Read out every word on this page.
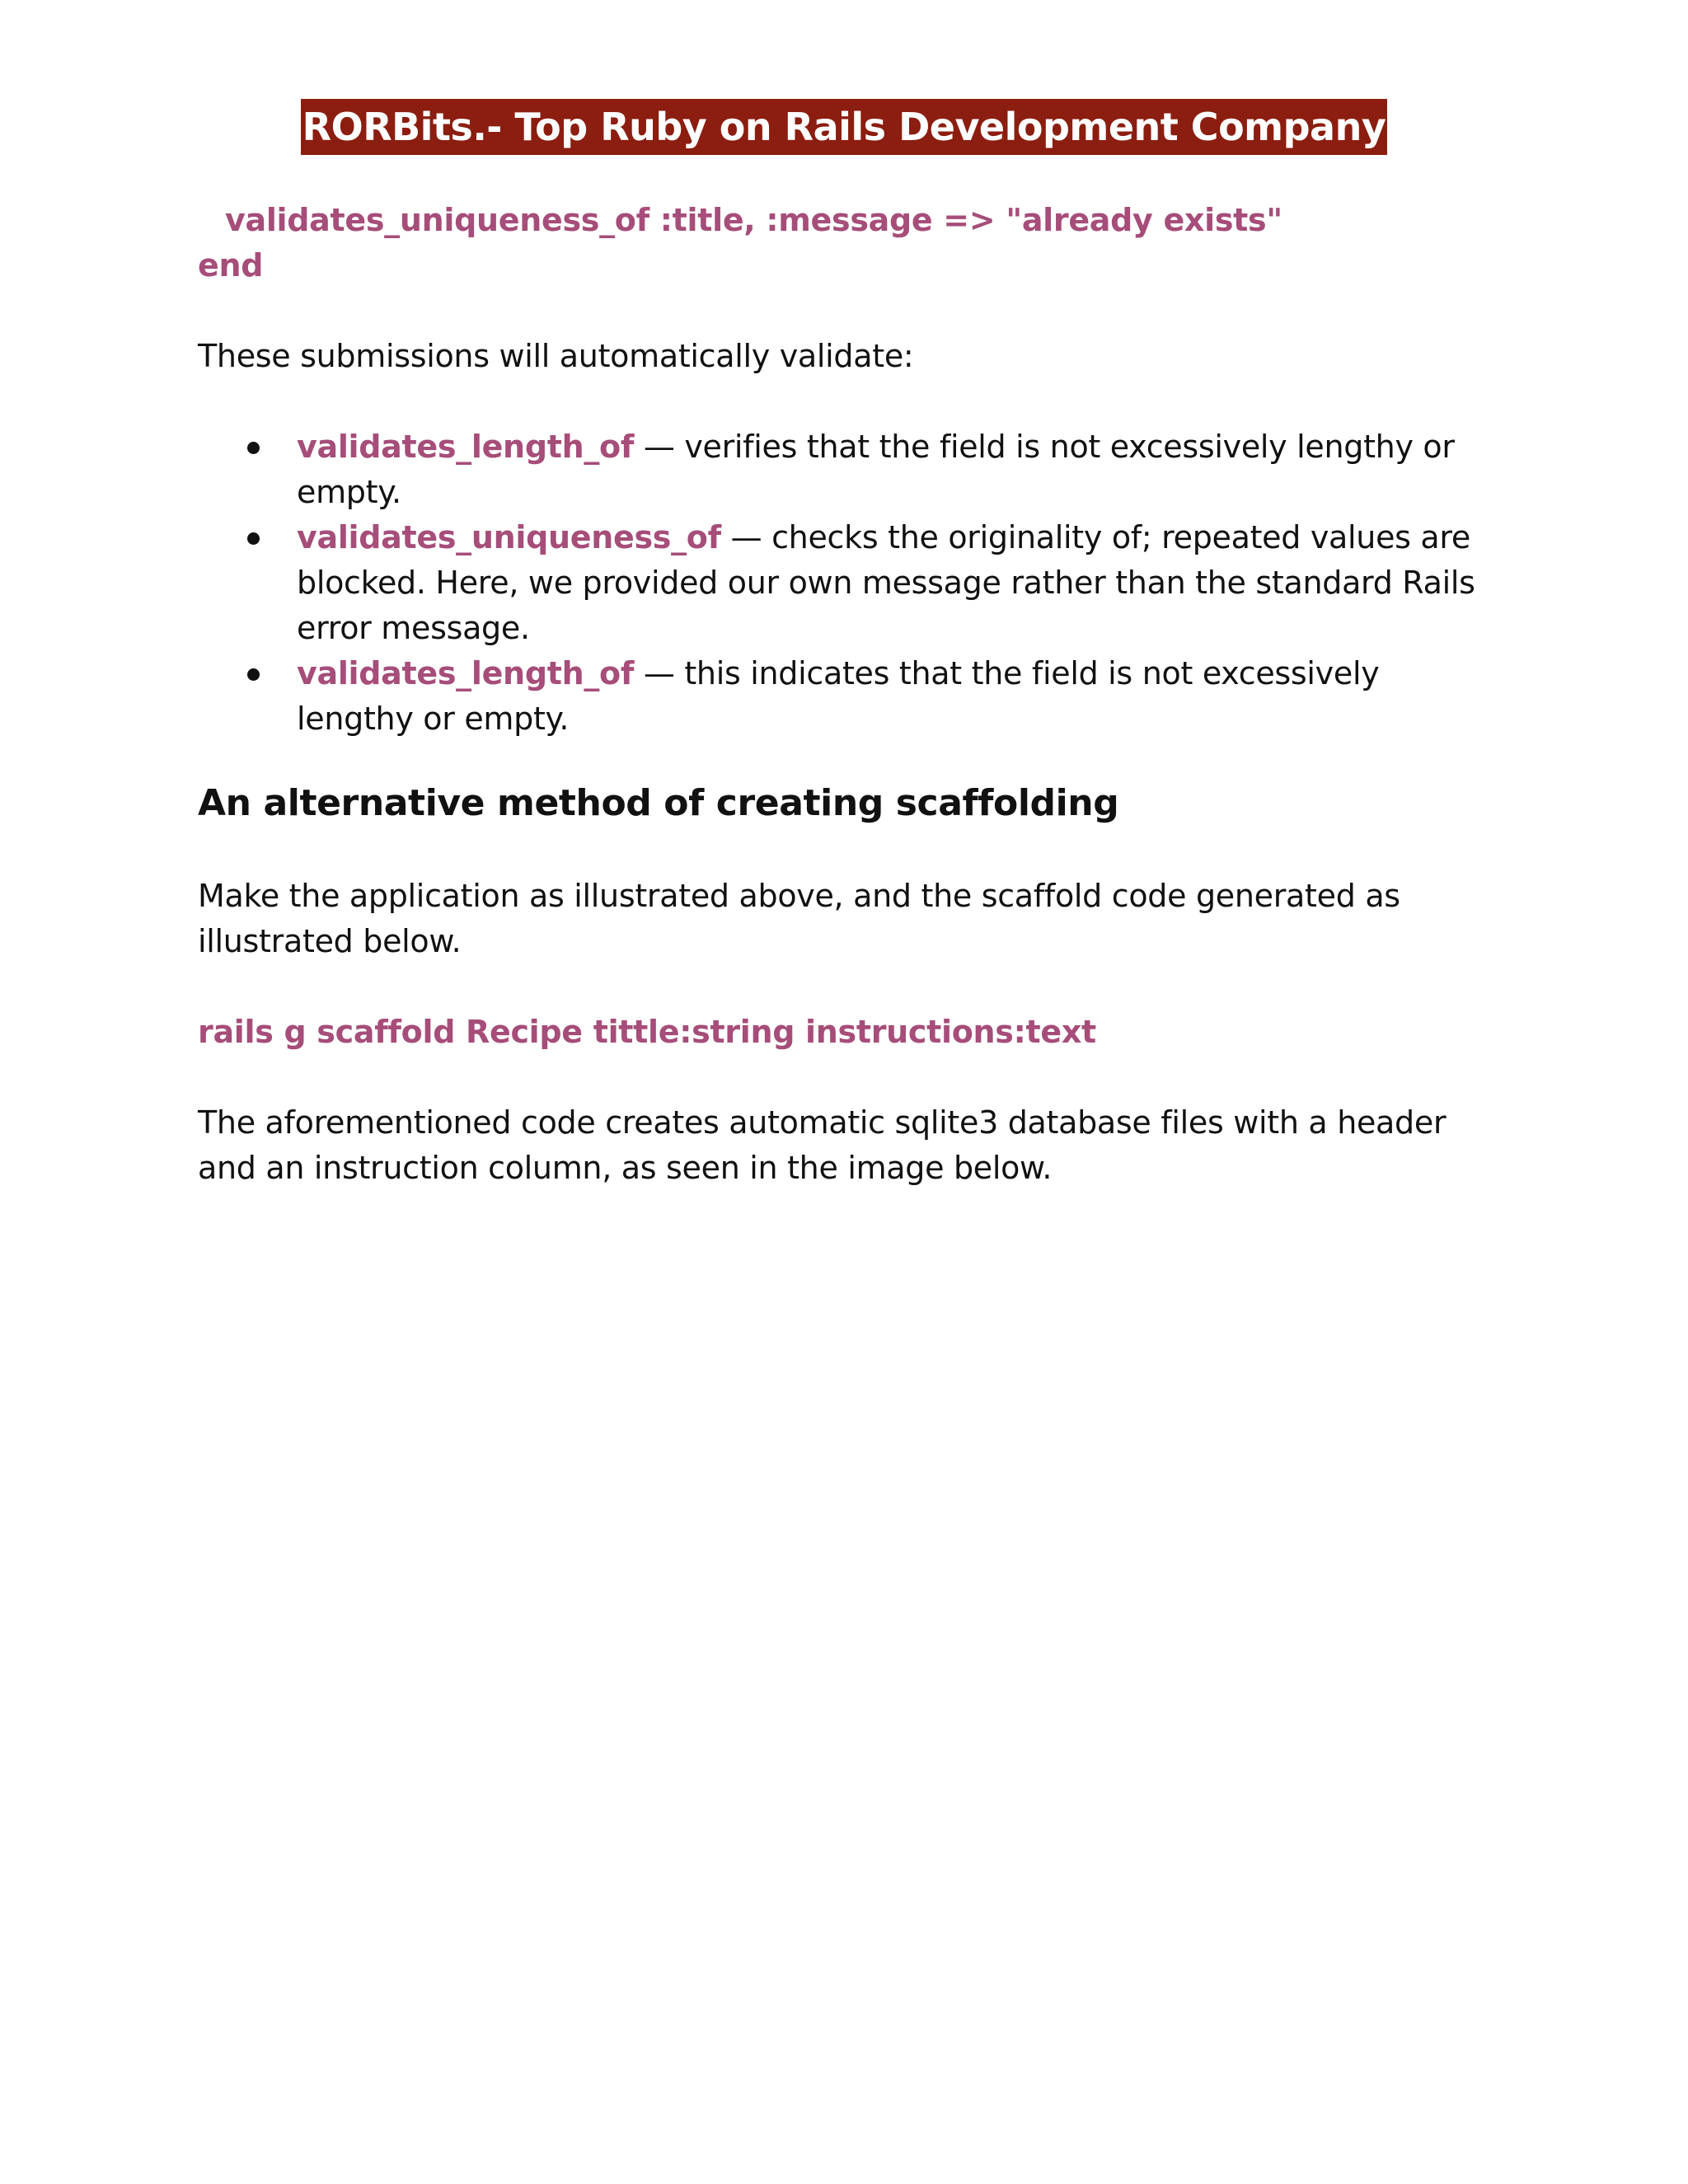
RORBits.- Top Ruby on Rails Development Company

validates_uniqueness_of :title, :message => "already exists"

end

These submissions will automatically validate:

validates_length_of — verifies that the field is not excessively lengthy or empty.
validates_uniqueness_of — checks the originality of; repeated values are blocked. Here, we provided our own message rather than the standard Rails error message.
validates_length_of — this indicates that the field is not excessively lengthy or empty.
An alternative method of creating scaffolding

Make the application as illustrated above, and the scaffold code generated as illustrated below.

rails g scaffold Recipe tittle:string instructions:text

The aforementioned code creates automatic sqlite3 database files with a header and an instruction column, as seen in the image below.
